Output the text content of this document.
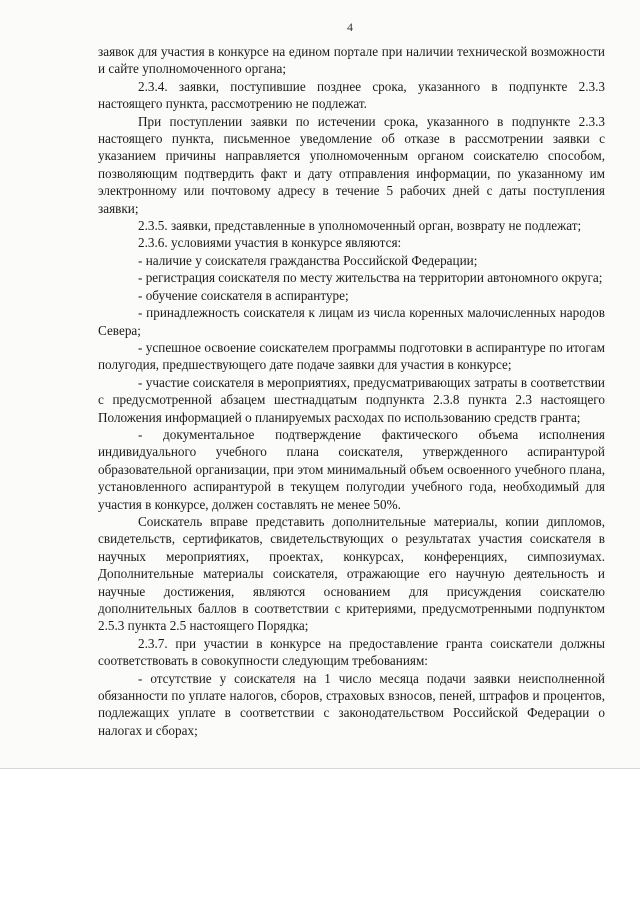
4

заявок для участия в конкурсе на едином портале при наличии технической возможности и сайте уполномоченного органа;

2.3.4. заявки, поступившие позднее срока, указанного в подпункте 2.3.3 настоящего пункта, рассмотрению не подлежат.

При поступлении заявки по истечении срока, указанного в подпункте 2.3.3 настоящего пункта, письменное уведомление об отказе в рассмотрении заявки с указанием причины направляется уполномоченным органом соискателю способом, позволяющим подтвердить факт и дату отправления информации, по указанному им электронному или почтовому адресу в течение 5 рабочих дней с даты поступления заявки;

2.3.5. заявки, представленные в уполномоченный орган, возврату не подлежат;

2.3.6. условиями участия в конкурсе являются:

- наличие у соискателя гражданства Российской Федерации;

- регистрация соискателя по месту жительства на территории автономного округа;

- обучение соискателя в аспирантуре;

- принадлежность соискателя к лицам из числа коренных малочисленных народов Севера;

- успешное освоение соискателем программы подготовки в аспирантуре по итогам полугодия, предшествующего дате подаче заявки для участия в конкурсе;

- участие соискателя в мероприятиях, предусматривающих затраты в соответствии с предусмотренной абзацем шестнадцатым подпункта 2.3.8 пункта 2.3 настоящего Положения информацией о планируемых расходах по использованию средств гранта;

- документальное подтверждение фактического объема исполнения индивидуального учебного плана соискателя, утвержденного аспирантурой образовательной организации, при этом минимальный объем освоенного учебного плана, установленного аспирантурой в текущем полугодии учебного года, необходимый для участия в конкурсе, должен составлять не менее 50%.

Соискатель вправе представить дополнительные материалы, копии дипломов, свидетельств, сертификатов, свидетельствующих о результатах участия соискателя в научных мероприятиях, проектах, конкурсах, конференциях, симпозиумах. Дополнительные материалы соискателя, отражающие его научную деятельность и научные достижения, являются основанием для присуждения соискателю дополнительных баллов в соответствии с критериями, предусмотренными подпунктом 2.5.3 пункта 2.5 настоящего Порядка;

2.3.7. при участии в конкурсе на предоставление гранта соискатели должны соответствовать в совокупности следующим требованиям:

- отсутствие у соискателя на 1 число месяца подачи заявки неисполненной обязанности по уплате налогов, сборов, страховых взносов, пеней, штрафов и процентов, подлежащих уплате в соответствии с законодательством Российской Федерации о налогах и сборах;
